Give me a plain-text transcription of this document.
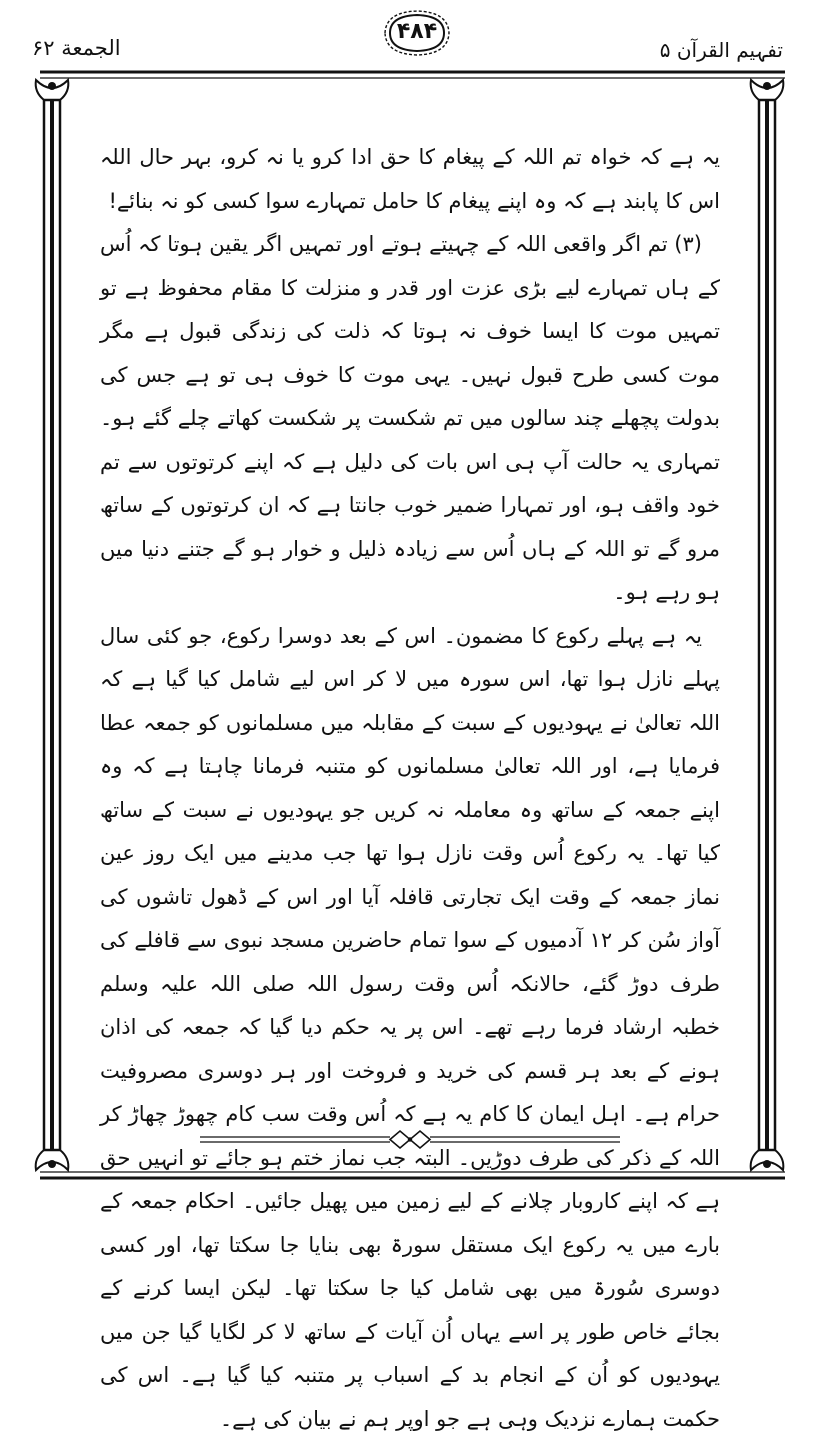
تفہیم القرآن ۵
الجمعة ۶۲
۴۸۴

یہ ہے کہ خواہ تم اللہ کے پیغام کا حق ادا کرو یا نہ کرو، بہر حال اللہ اس کا پابند ہے کہ وہ اپنے پیغام کا حامل تمہارے سوا کسی کو نہ بنائے!

(۳) تم اگر واقعی اللہ کے چہیتے ہوتے اور تمہیں اگر یقین ہوتا کہ اُس کے ہاں تمہارے لیے بڑی عزت اور قدر و منزلت کا مقام محفوظ ہے تو تمہیں موت کا ایسا خوف نہ ہوتا کہ ذلت کی زندگی قبول ہے مگر موت کسی طرح قبول نہیں۔ یہی موت کا خوف ہی تو ہے جس کی بدولت پچھلے چند سالوں میں تم شکست پر شکست کھاتے چلے گئے ہو۔ تمہاری یہ حالت آپ ہی اس بات کی دلیل ہے کہ اپنے کرتوتوں سے تم خود واقف ہو، اور تمہارا ضمیر خوب جانتا ہے کہ ان کرتوتوں کے ساتھ مرو گے تو اللہ کے ہاں اُس سے زیادہ ذلیل و خوار ہو گے جتنے دنیا میں ہو رہے ہو۔

یہ ہے پہلے رکوع کا مضمون۔ اس کے بعد دوسرا رکوع، جو کئی سال پہلے نازل ہوا تھا، اس سورہ میں لا کر اس لیے شامل کیا گیا ہے کہ اللہ تعالیٰ نے یہودیوں کے سبت کے مقابلہ میں مسلمانوں کو جمعہ عطا فرمایا ہے، اور اللہ تعالیٰ مسلمانوں کو متنبہ فرمانا چاہتا ہے کہ وہ اپنے جمعہ کے ساتھ وہ معاملہ نہ کریں جو یہودیوں نے سبت کے ساتھ کیا تھا۔ یہ رکوع اُس وقت نازل ہوا تھا جب مدینے میں ایک روز عین نماز جمعہ کے وقت ایک تجارتی قافلہ آیا اور اس کے ڈھول تاشوں کی آواز سُن کر ۱۲ آدمیوں کے سوا تمام حاضرین مسجد نبوی سے قافلے کی طرف دوڑ گئے، حالانکہ اُس وقت رسول اللہ صلی اللہ علیہ وسلم خطبہ ارشاد فرما رہے تھے۔ اس پر یہ حکم دیا گیا کہ جمعہ کی اذان ہونے کے بعد ہر قسم کی خرید و فروخت اور ہر دوسری مصروفیت حرام ہے۔ اہل ایمان کا کام یہ ہے کہ اُس وقت سب کام چھوڑ چھاڑ کر اللہ کے ذکر کی طرف دوڑیں۔ البتہ جب نماز ختم ہو جائے تو انہیں حق ہے کہ اپنے کاروبار چلانے کے لیے زمین میں پھیل جائیں۔ احکام جمعہ کے بارے میں یہ رکوع ایک مستقل سورۃ بھی بنایا جا سکتا تھا، اور کسی دوسری سُورۃ میں بھی شامل کیا جا سکتا تھا۔ لیکن ایسا کرنے کے بجائے خاص طور پر اسے یہاں اُن آیات کے ساتھ لا کر لگایا گیا جن میں یہودیوں کو اُن کے انجام بد کے اسباب پر متنبہ کیا گیا ہے۔ اس کی حکمت ہمارے نزدیک وہی ہے جو اوپر ہم نے بیان کی ہے۔
